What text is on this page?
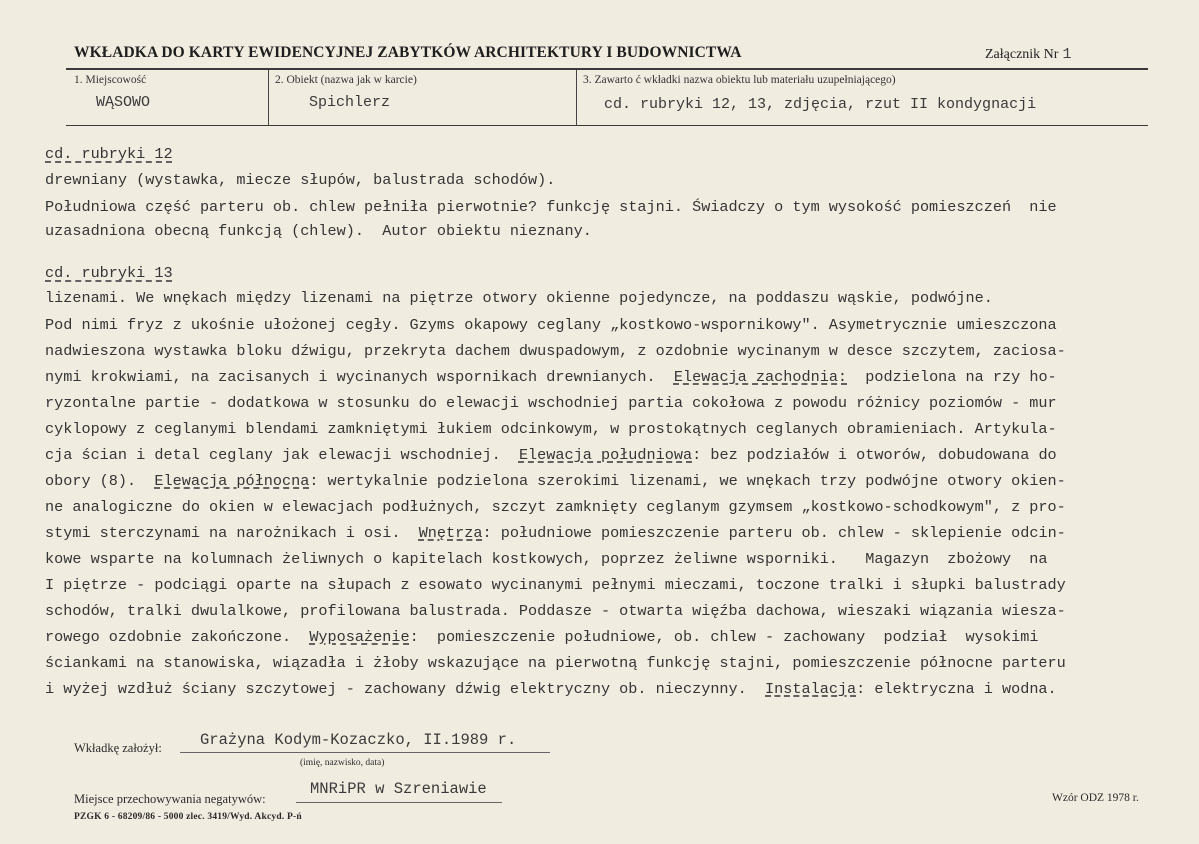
WKŁADKA DO KARTY EWIDENCYJNEJ ZABYTKÓW ARCHITEKTURY I BUDOWNICTWA	Załącznik Nr 1
1. Miejscowość
WĄSOWO
2. Obiekt (nazwa jak w karcie)
Spichlerz
3. Zawarto ć wkładki nazwa obiektu lub materiału uzupełniającego)
cd. rubryki 12, 13, zdjęcia, rzut II kondygnacji
cd. rubryki 12
drewniany (wystawka, miecze słupów, balustrada schodów).
Południowa część parteru ob. chlew pełniła pierwotnie? funkcję stajni. Świadczy o tym wysokość pomieszczeń  nie
uzasadniona obecną funkcją (chlew).  Autor obiektu nieznany.
cd. rubryki 13
lizenami. We wnękach między lizenami na piętrze otwory okienne pojedyncze, na poddaszu wąskie, podwójne.
Pod nimi fryz z ukośnie ułożonej cegły. Gzyms okapowy ceglany „kostkowo-wspornikowy". Asymetrycznie umieszczona
nadwieszona wystawka bloku dźwigu, przekryta dachem dwuspadowym, z ozdobnie wycinanym w desce szczytem, zaciosa-
nymi krokwiami, na zacisanych i wycinanych wspornikach drewnianych.  Elewacja zachodnia:  podzielona na rzy ho-
ryzontalne partie - dodatkowa w stosunku do elewacji wschodniej partia cokołowa z powodu różnicy poziomów - mur
cyklopowy z ceglanymi blendami zamkniętymi łukiem odcinkowym, w prostokątnych ceglanych obramieniach. Artykula-
cja ścian i detal ceglany jak elewacji wschodniej.  Elewacja południowa: bez podziałów i otworów, dobudowana do
obory (8).  Elewacja północna: wertykalnie podzielona szerokimi lizenami, we wnękach trzy podwójne otwory okien-
ne analogiczne do okien w elewacjach podłużnych, szczyt zamknięty ceglanym gzymsem „kostkowo-schodkowym", z pro-
stymi sterczynami na narożnikach i osi.  Wnętrza: południowe pomieszczenie parteru ob. chlew - sklepienie odcin-
kowe wsparte na kolumnach żeliwnych o kapitelach kostkowych, poprzez żeliwne wsporniki.   Magazyn  zbożowy  na
I piętrze - podciągi oparte na słupach z esowato wycinanymi pełnymi mieczami, toczone tralki i słupki balustrady
schodów, tralki dwulalkowe, profilowana balustrada. Poddasze - otwarta więźba dachowa, wieszaki wiązania wiesza-
rowego ozdobnie zakończone.  Wyposażenie:  pomieszczenie południowe, ob. chlew - zachowany  podział  wysokimi
ściankami na stanowiska, wiązadła i żłoby wskazujące na pierwotną funkcję stajni, pomieszczenie północne parteru
i wyżej wzdłuż ściany szczytowej - zachowany dźwig elektryczny ob. nieczynny.  Instalacja: elektryczna i wodna.
Wkładkę założył: Grażyna Kodym-Kozaczko, II.1989 r.
(imię, nazwisko, data)
Miejsce przechowywania negatywów:
MNRiPR w Szreniawie
PZGK 6 - 68209/86 - 5000 zlec. 3419/Wyd. Akcyd. P-ń
Wzór ODZ 1978 r.
